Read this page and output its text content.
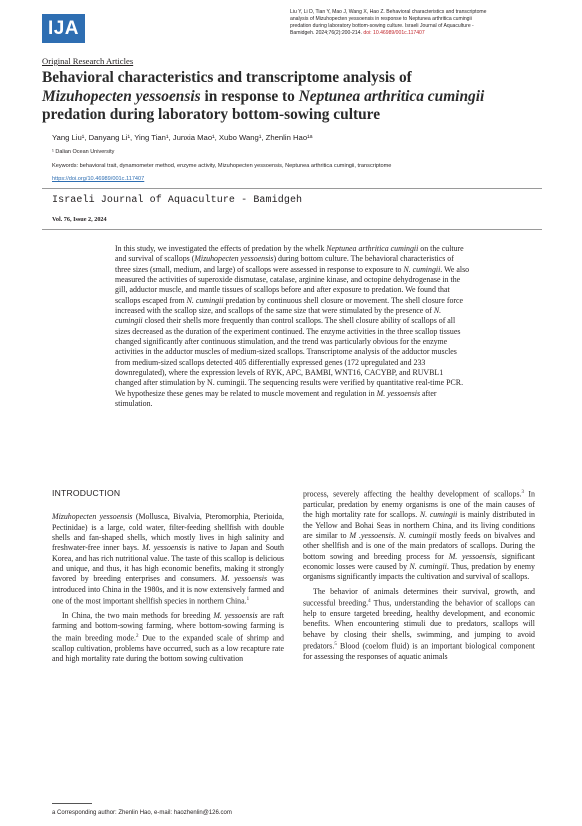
IJA
Liu Y, Li D, Tian Y, Mao J, Wang X, Hao Z. Behavioral characteristics and transcriptome
analysis of Mizuhopecten yessoensis in response to Neptunea arthritica cumingii
predation during laboratory bottom-sowing culture. Israeli Journal of Aquaculture -
Bamidgeh. 2024;76(2):200-214. doi: 10.46989/001c.117407
Original Research Articles
Behavioral characteristics and transcriptome analysis of
Mizuhopecten yessoensis in response to Neptunea arthritica cumingii
predation during laboratory bottom-sowing culture
Yang Liu¹, Danyang Li¹, Ying Tian¹, Junxia Mao¹, Xubo Wang¹, Zhenlin Hao¹ᵃ
¹ Dalian Ocean University
Keywords: behavioral trait, dynamometer method, enzyme activity, Mizuhopecten yessoensis, Neptunea arthritica cumingii, transcriptome
https://doi.org/10.46989/001c.117407
Israeli Journal of Aquaculture - Bamidgeh
Vol. 76, Issue 2, 2024

In this study, we investigated the effects of predation by the whelk Neptunea arthritica cumingii on the culture and survival of scallops (Mizuhopecten yessoensis) during bottom culture. The behavioral characteristics of three sizes (small, medium, and large) of scallops were assessed in response to exposure to N. cumingii. We also measured the activities of superoxide dismutase, catalase, arginine kinase, and octopine dehydrogenase in the gill, adductor muscle, and mantle tissues of scallops before and after exposure to predation. We found that scallops escaped from N. cumingii predation by continuous shell closure or movement. The shell closure force increased with the scallop size, and scallops of the same size that were stimulated by the presence of N. cumingii closed their shells more frequently than control scallops. The shell closure ability of scallops of all sizes decreased as the duration of the experiment continued. The enzyme activities in the three scallop tissues changed significantly after continuous stimulation, and the trend was particularly obvious for the enzyme activities in the adductor muscles of medium-sized scallops. Transcriptome analysis of the adductor muscles from medium-sized scallops detected 405 differentially expressed genes (172 upregulated and 233 downregulated), where the expression levels of RYK, APC, BAMBI, WNT16, CACYBP, and RUVBL1 changed after stimulation by N. cumingii. The sequencing results were verified by quantitative real-time PCR. We hypothesize these genes may be related to muscle movement and regulation in M. yessoensis after stimulation.

INTRODUCTION

Mizuhopecten yessoensis (Mollusca, Bivalvia, Pteromorphia, Pterioida, Pectinidae) is a large, cold water, filter-feeding shellfish with double shells and fan-shaped shells, which mostly lives in high salinity and freshwater-free inner bays. M. yessoensis is native to Japan and South Korea, and has rich nutritional value. The taste of this scallop is delicious and unique, and thus, it has high economic benefits, making it strongly favored by breeding enterprises and consumers. M. yessoensis was introduced into China in the 1980s, and it is now extensively farmed and one of the most important shellfish species in northern China.$^1$

In China, the two main methods for breeding M. yessoensis are raft farming and bottom-sowing farming, where bottom-sowing farming is the main breeding mode.$^2$ Due to the expanded scale of shrimp and scallop cultivation, problems have occurred, such as a low recapture rate and high mortality rate during the bottom sowing cultivation

process, severely affecting the healthy development of scallops.$^3$ In particular, predation by enemy organisms is one of the main causes of the high mortality rate for scallops. N. cumingii is mainly distributed in the Yellow and Bohai Seas in northern China, and its living conditions are similar to M .yessoensis. N. cumingii mostly feeds on bivalves and other shellfish and is one of the main predators of scallops. During the bottom sowing and breeding process for M. yessoensis, significant economic losses were caused by N. cumingii. Thus, predation by enemy organisms significantly impacts the cultivation and survival of scallops.

The behavior of animals determines their survival, growth, and successful breeding.$^4$ Thus, understanding the behavior of scallops can help to ensure targeted breeding, healthy development, and economic benefits. When encountering stimuli due to predators, scallops will behave by closing their shells, swimming, and jumping to avoid predators.$^5$ Blood (coelom fluid) is an important biological component for assessing the responses of aquatic animals

a Corresponding author: Zhenlin Hao, e-mail: haozhenlin@126.com
